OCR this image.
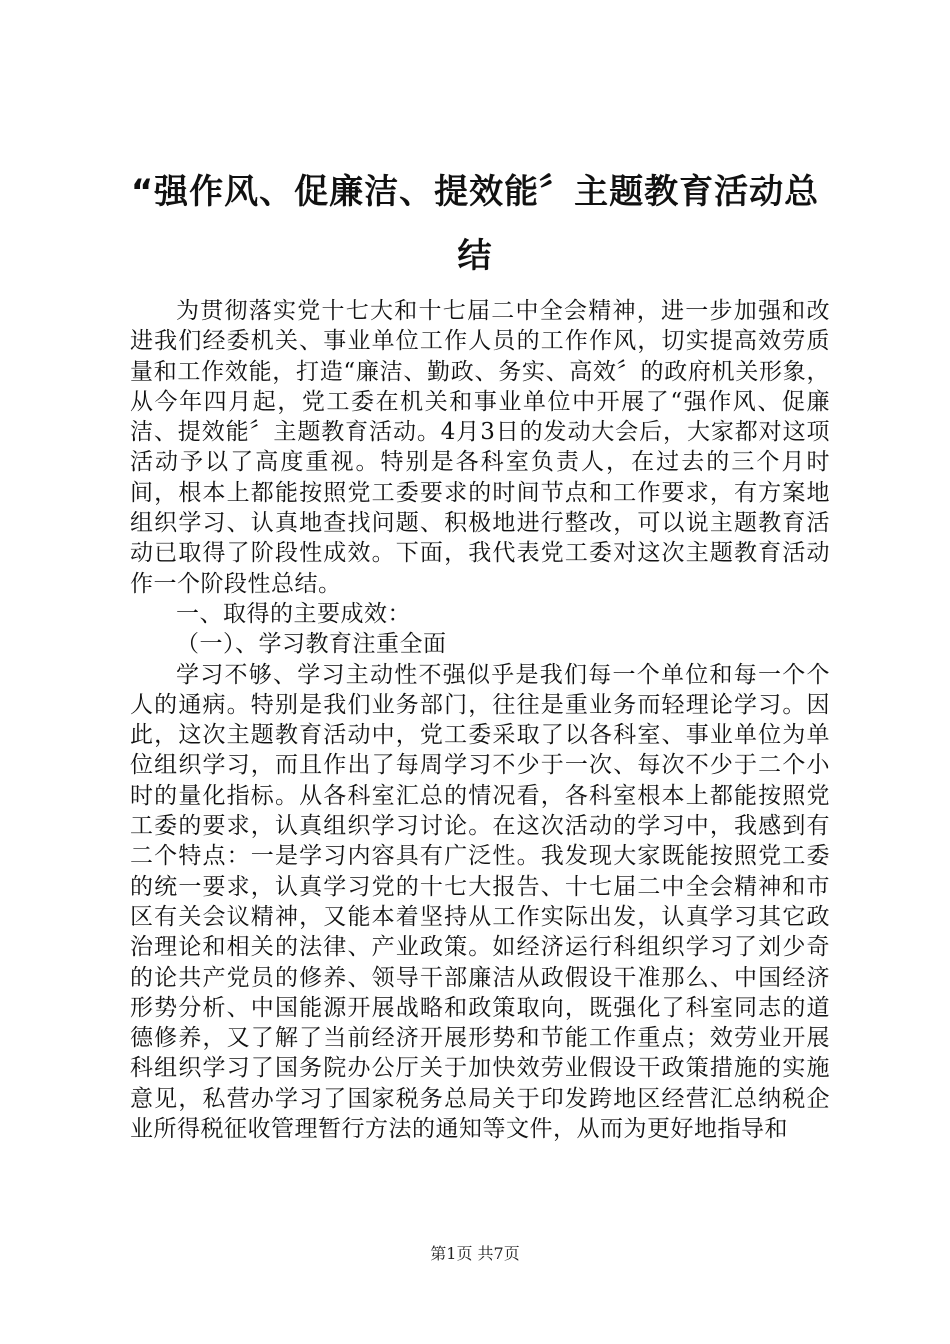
“强作风、促廉洁、提效能〞主题教育活动总
结

为贯彻落实党十七大和十七届二中全会精神，进一步加强和改进我们经委机关、事业单位工作人员的工作作风，切实提高效劳质量和工作效能，打造“廉洁、勤政、务实、高效〞的政府机关形象，从今年四月起，党工委在机关和事业单位中开展了“强作风、促廉洁、提效能〞主题教育活动。4月3日的发动大会后，大家都对这项活动予以了高度重视。特别是各科室负责人，在过去的三个月时间，根本上都能按照党工委要求的时间节点和工作要求，有方案地组织学习、认真地查找问题、积极地进行整改，可以说主题教育活动已取得了阶段性成效。下面，我代表党工委对这次主题教育活动作一个阶段性总结。

一、取得的主要成效：

（一）、学习教育注重全面

学习不够、学习主动性不强似乎是我们每一个单位和每一个个人的通病。特别是我们业务部门，往往是重业务而轻理论学习。因此，这次主题教育活动中，党工委采取了以各科室、事业单位为单位组织学习，而且作出了每周学习不少于一次、每次不少于二个小时的量化指标。从各科室汇总的情况看，各科室根本上都能按照党工委的要求，认真组织学习讨论。在这次活动的学习中，我感到有二个特点：一是学习内容具有广泛性。我发现大家既能按照党工委的统一要求，认真学习党的十七大报告、十七届二中全会精神和市区有关会议精神，又能本着坚持从工作实际出发，认真学习其它政治理论和相关的法律、产业政策。如经济运行科组织学习了刘少奇的论共产党员的修养、领导干部廉洁从政假设干准那么、中国经济形势分析、中国能源开展战略和政策取向，既强化了科室同志的道德修养，又了解了当前经济开展形势和节能工作重点；效劳业开展科组织学习了国务院办公厅关于加快效劳业假设干政策措施的实施意见，私营办学习了国家税务总局关于印发跨地区经营汇总纳税企业所得税征收管理暂行方法的通知等文件，从而为更好地指导和

第1页 共7页
